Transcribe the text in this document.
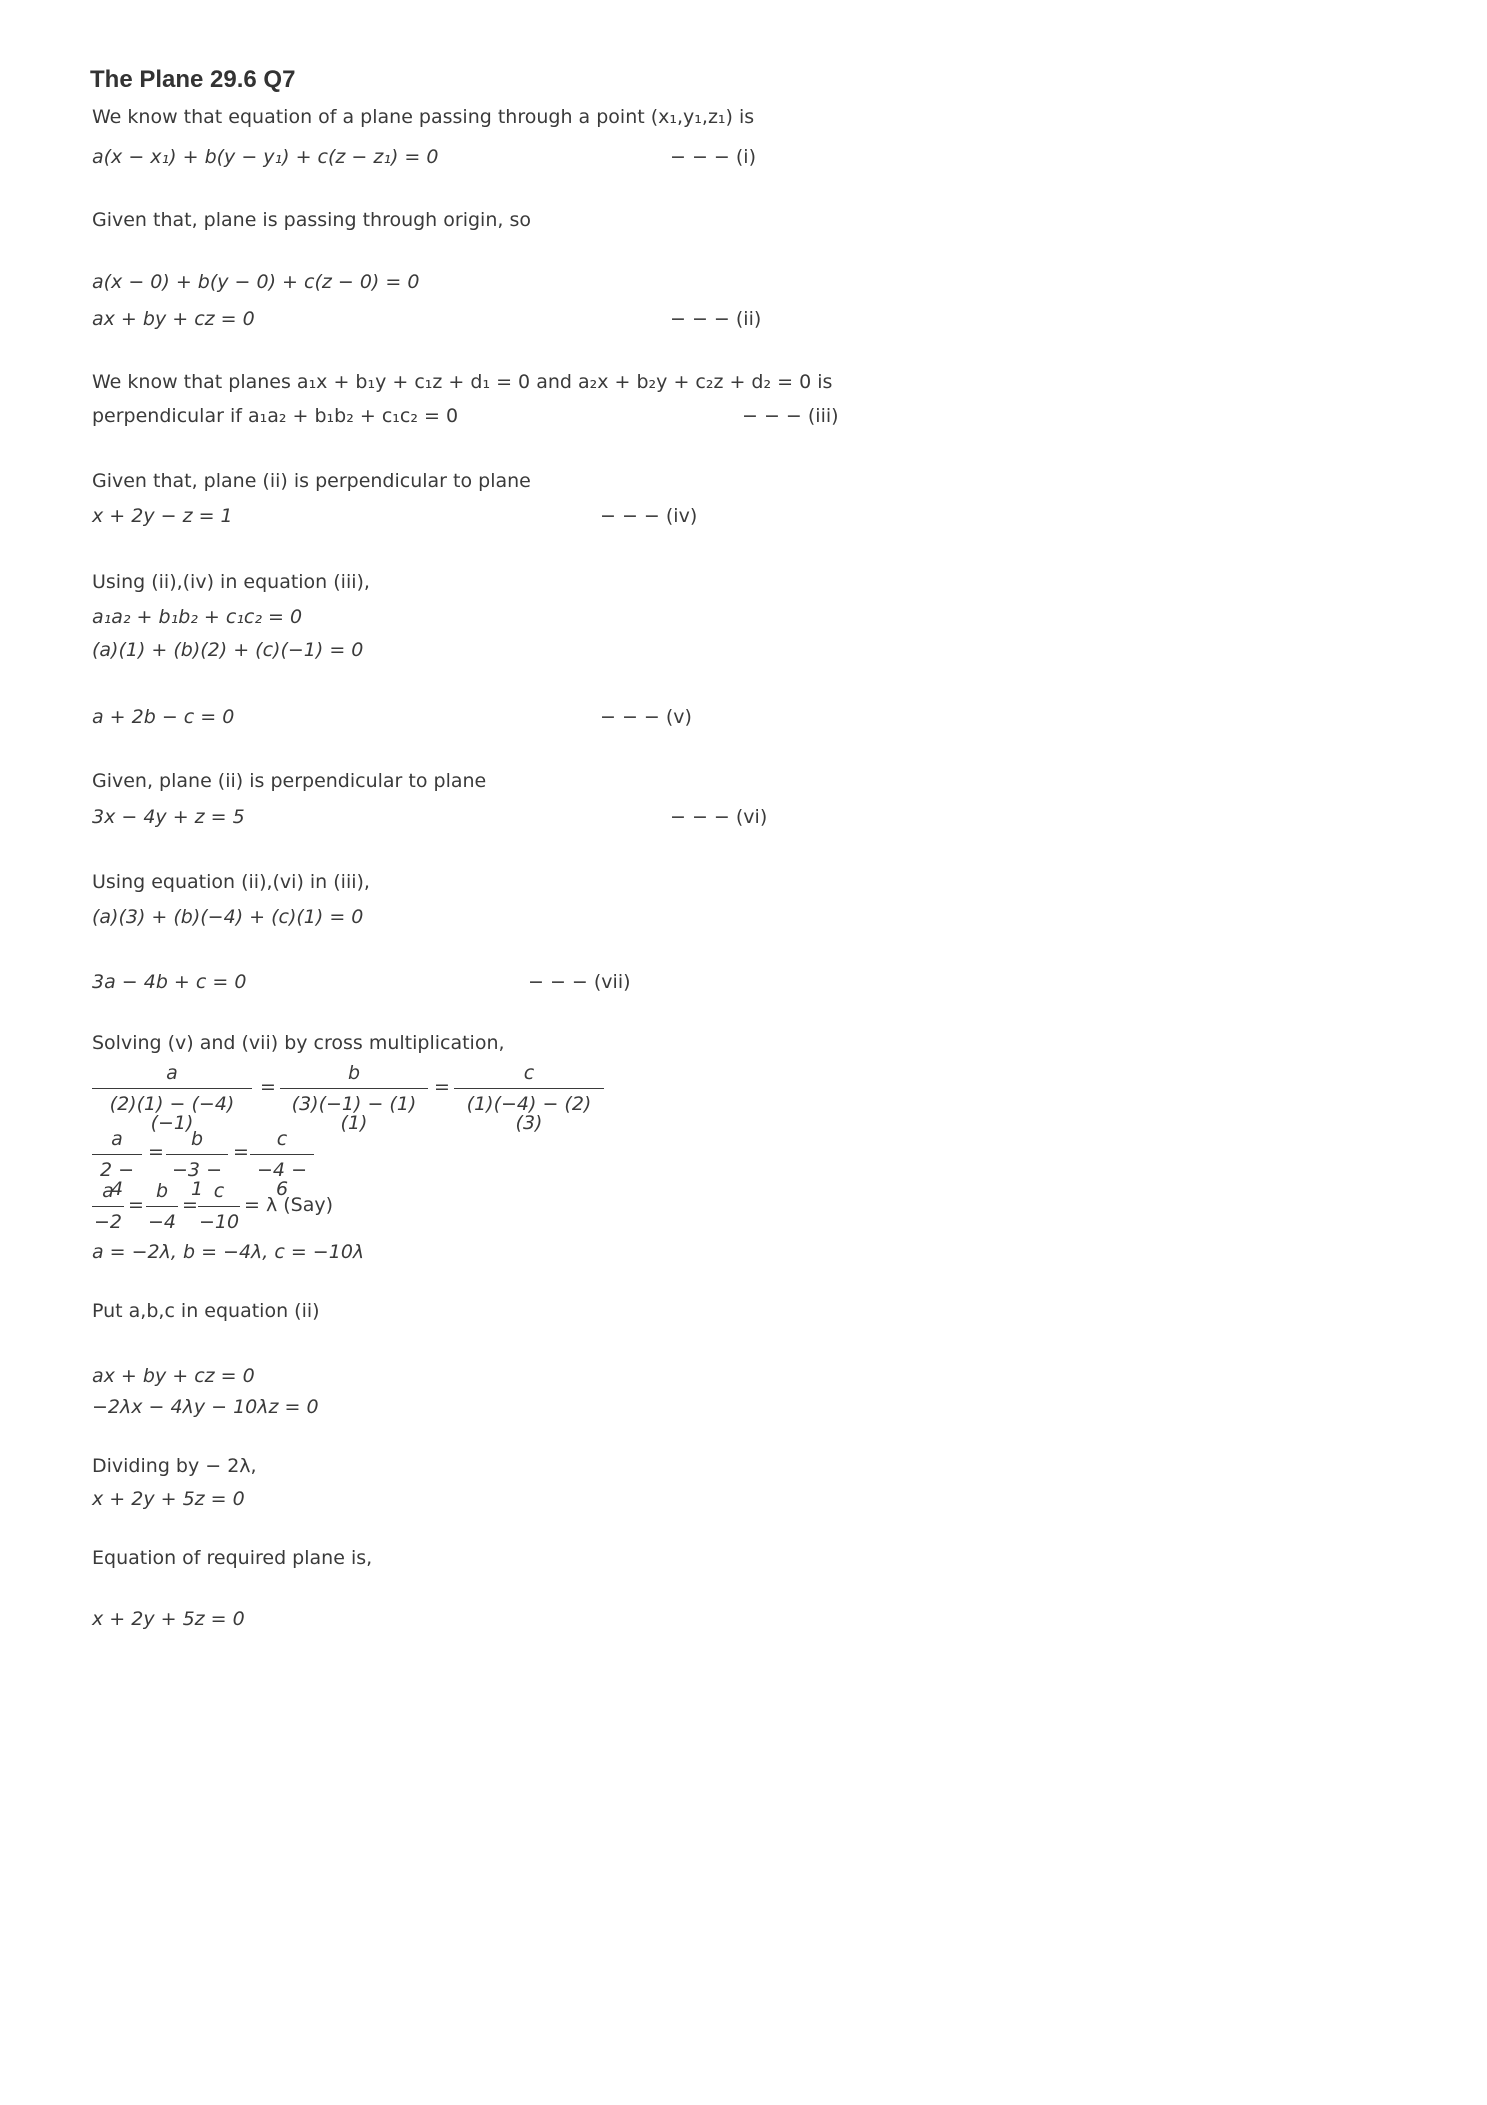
The Plane 29.6 Q7
We know that equation of a plane passing through a point (x₁,y₁,z₁) is
a(x − x₁) + b(y − y₁) + c(z − z₁) = 0	− − − (i)
Given that, plane is passing through origin, so
a(x − 0) + b(y − 0) + c(z − 0) = 0
ax + by + cz = 0	− − − (ii)
We know that planes a₁x + b₁y + c₁z + d₁ = 0 and a₂x + b₂y + c₂z + d₂ = 0 is
perpendicular if a₁a₂ + b₁b₂ + c₁c₂ = 0	− − − (iii)
Given that, plane (ii) is perpendicular to plane
x + 2y − z = 1	− − − (iv)
Using (ii),(iv) in equation (iii),
a₁a₂ + b₁b₂ + c₁c₂ = 0
(a)(1) + (b)(2) + (c)(−1) = 0
a + 2b − c = 0	− − − (v)
Given, plane (ii) is perpendicular to plane
3x − 4y + z = 5	− − − (vi)
Using equation (ii),(vi) in (iii),
(a)(3) + (b)(−4) + (c)(1) = 0
3a − 4b + c = 0	− − − (vii)
Solving (v) and (vii) by cross multiplication,
a
(2)(1) − (−4)(−1)
=
b
(3)(−1) − (1)(1)
=
c
(1)(−4) − (2)(3)
a
2 − 4
=
b
−3 − 1
=
c
−4 − 6
a
−2
=
b
−4
=
c
−10
= λ (Say)
a = −2λ, b = −4λ, c = −10λ
Put a,b,c in equation (ii)
ax + by + cz = 0
−2λx − 4λy − 10λz = 0
Dividing by − 2λ,
x + 2y + 5z = 0
Equation of required plane is,
x + 2y + 5z = 0
